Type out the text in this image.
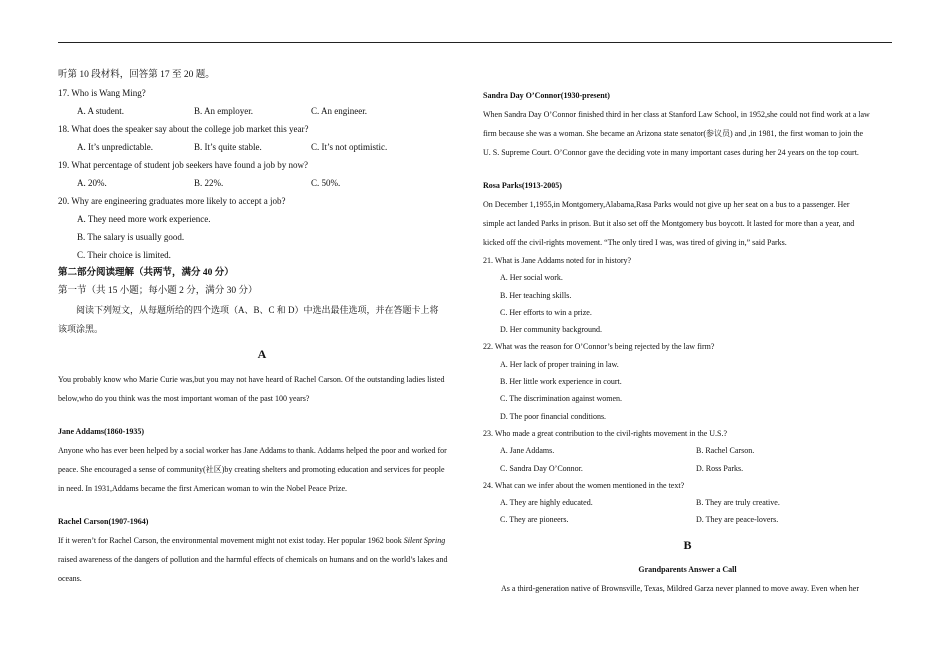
听第 10 段材料，回答第 17 至 20 题。
17. Who is Wang Ming?
A. A student.	B. An employer.	C. An engineer.
18. What does the speaker say about the college job market this year?
A. It’s unpredictable.	B. It’s quite stable.	C. It’s not optimistic.
19. What percentage of student job seekers have found a job by now?
A. 20%.	B. 22%.	C. 50%.
20. Why are engineering graduates more likely to accept a job?
A. They need more work experience.
B. The salary is usually good.
C. Their choice is limited.
第二部分阅读理解（共两节，满分 40 分）
第一节（共 15 小题；每小题 2 分，满分 30 分）
阅读下列短文，从每题所给的四个选项（A、B、C 和 D）中选出最佳选项，并在答题卡上将
该项涂黑。
A
You probably know who Marie Curie was,but you may not have heard of Rachel Carson. Of the outstanding ladies listed
below,who do you think was the most important woman of the past 100 years?
Jane Addams(1860-1935)
Anyone who has ever been helped by a social worker has Jane Addams to thank. Addams helped the poor and worked for
peace. She encouraged a sense of community(社区)by creating shelters and promoting education and services for people
in need. In 1931,Addams became the first American woman to win the Nobel Peace Prize.
Rachel Carson(1907-1964)
If it weren’t for Rachel Carson, the environmental movement might not exist today. Her popular 1962 book Silent Spring
raised awareness of the dangers of pollution and the harmful effects of chemicals on humans and on the world’s lakes and
oceans.
Sandra Day O’Connor(1930-present)
When Sandra Day O’Connor finished third in her class at Stanford Law School, in 1952,she could not find work at a law
firm because she was a woman. She became an Arizona state senator(参议员) and ,in 1981, the first woman to join the
U. S. Supreme Court. O’Connor gave the deciding vote in many important cases during her 24 years on the top court.
Rosa Parks(1913-2005)
On December 1,1955,in Montgomery,Alabama,Rasa Parks would not give up her seat on a bus to a passenger. Her
simple act landed Parks in prison. But it also set off the Montgomery bus boycott. It lasted for more than a year, and
kicked off the civil-rights movement. “The only tired I was, was tired of giving in,” said Parks.
21. What is Jane Addams noted for in history?
A. Her social work.
B. Her teaching skills.
C. Her efforts to win a prize.
D. Her community background.
22. What was the reason for O’Connor’s being rejected by the law firm?
A. Her lack of proper training in law.
B. Her little work experience in court.
C. The discrimination against women.
D. The poor financial conditions.
23. Who made a great contribution to the civil-rights movement in the U.S.?
A. Jane Addams.	B. Rachel Carson.
C. Sandra Day O’Connor.	D. Ross Parks.
24. What can we infer about the women mentioned in the text?
A. They are highly educated.	B. They are truly creative.
C. They are pioneers.	D. They are peace-lovers.
B
Grandparents Answer a Call
As a third-generation native of Brownsville, Texas, Mildred Garza never planned to move away. Even when her
